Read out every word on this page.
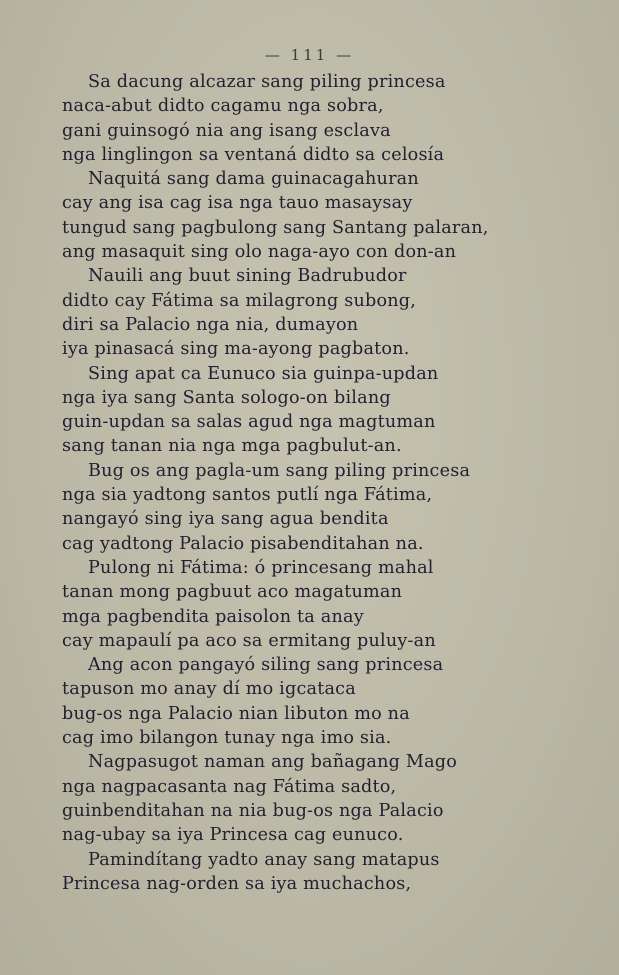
— 111 —
Sa dacung alcazar sang piling princesa
naca-abut didto cagamu nga sobra,
gani guinsogó nia ang isang esclava
nga linglingon sa ventaná didto sa celosía
Naquitá sang dama guinacagahuran
cay ang isa cag isa nga tauo masaysay
tungud sang pagbulong sang Santang palaran,
ang masaquit sing olo naga-ayo con don-an
Nauili ang buut sining Badrubudor
didto cay Fátima sa milagrong subong,
diri sa Palacio nga nia, dumayon
iya pinasacá sing ma-ayong pagbaton.
Sing apat ca Eunuco sia guinpa-updan
nga iya sang Santa sologo-on bilang
guin-updan sa salas agud nga magtuman
sang tanan nia nga mga pagbulut-an.
Bug os ang pagla-um sang piling princesa
nga sia yadtong santos putlí nga Fátima,
nangayó sing iya sang agua bendita
cag yadtong Palacio pisabenditahan na.
Pulong ni Fátima: ó princesang mahal
tanan mong pagbuut aco magatuman
mga pagbendita paisolon ta anay
cay mapaulí pa aco sa ermitang puluy-an
Ang acon pangayó siling sang princesa
tapuson mo anay dí mo igcataca
bug-os nga Palacio nian libuton mo na
cag imo bilangon tunay nga imo sia.
Nagpasugot naman ang bañagang Mago
nga nagpacasanta nag Fátima sadto,
guinbenditahan na nia bug-os nga Palacio
nag-ubay sa iya Princesa cag eunuco.
Pamindítang yadto anay sang matapus
Princesa nag-orden sa iya muchachos,
